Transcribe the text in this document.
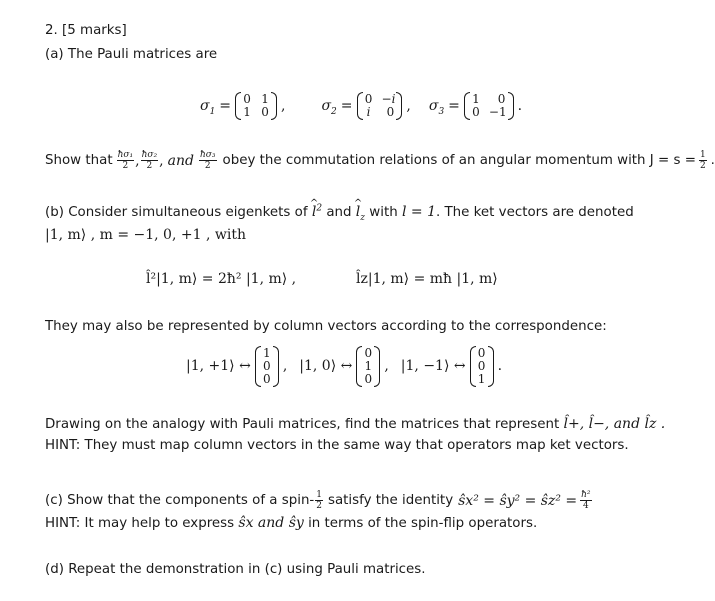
2. [5 marks]
(a) The Pauli matrices are
$\sigma_1 = 0$ 1
1 0 ,	$\sigma_2 = 0 -i$
i 0 , $\sigma_3 = 1$ 0
0 −1 .
Show that $\frac{\text{ħσ₁}}{2}$ , $\frac{\text{ħσ₂}}{2}$ , and $\frac{\text{ħσ₃}}{2}$ obey the commutation relations of an angular momentum with $J = s = \frac{1}{2}$ .
(b) Consider simultaneous eigenkets of ^ $l^2$ and ^ $l_z$ with l = 1. The ket vectors are denoted
|1, m⟩ , m = −1, 0, +1 , with
l̂²|1, m⟩ = 2ħ² |1, m⟩ ,	l̂z|1, m⟩ = mħ |1, m⟩
They may also be represented by column vectors according to the correspondence:
|1, +1⟩ ↔
1
0
0
, |1, 0⟩ ↔
0
1
0
, |1, −1⟩ ↔
0
0
1
.
Drawing on the analogy with Pauli matrices, find the matrices that represent l̂+, l̂−, and l̂z .
HINT: They must map column vectors in the same way that operators map ket vectors.
(c) Show that the components of a spin- $\frac{1}{2}$ satisfy the identity ŝx² = ŝy² = ŝz² = $\frac{\text{ħ²}}{4}$
HINT: It may help to express ŝx and ŝy in terms of the spin-flip operators.
(d) Repeat the demonstration in (c) using Pauli matrices.
